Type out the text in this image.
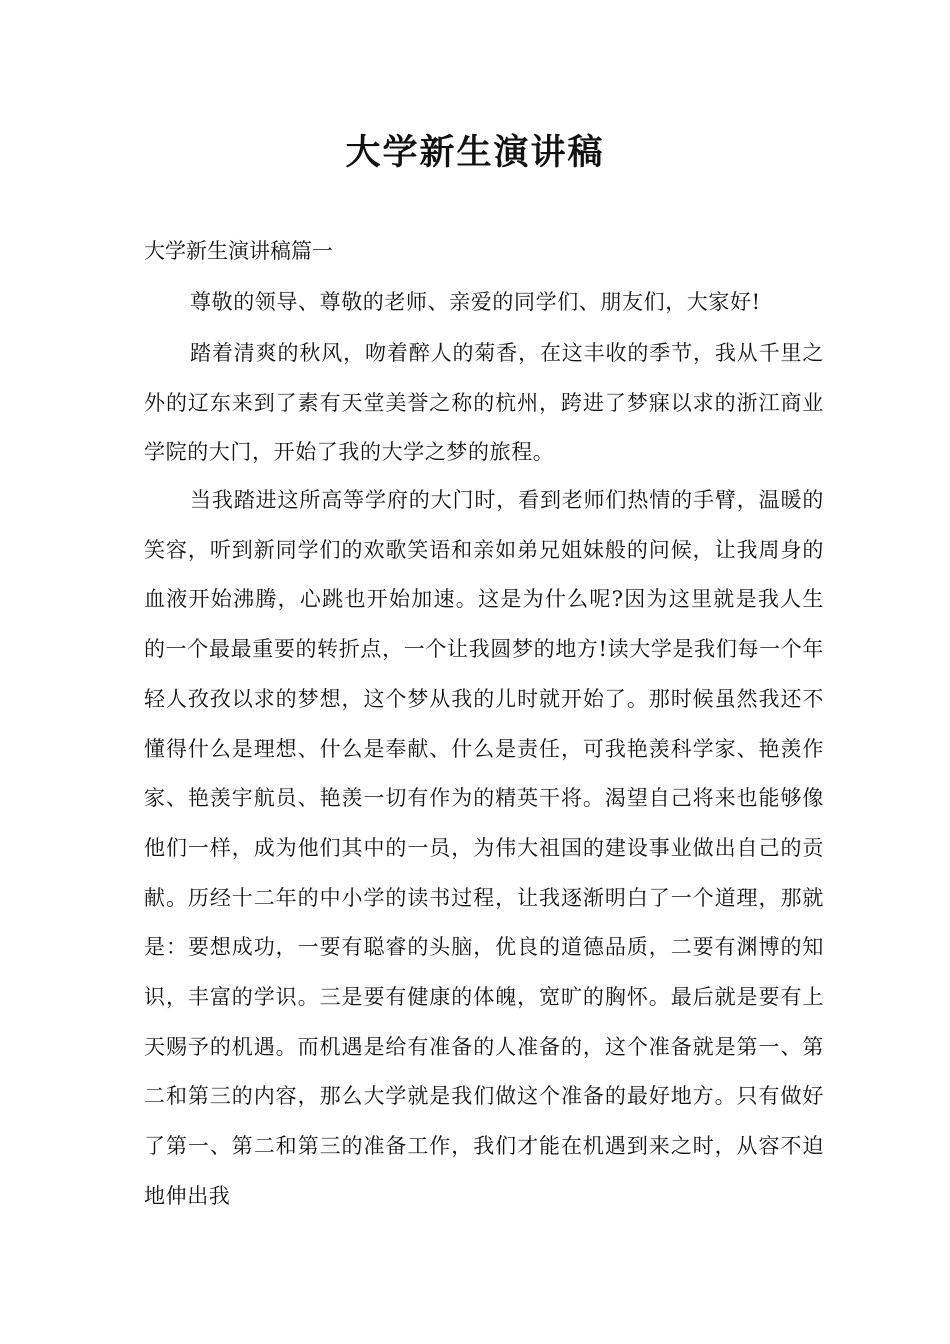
大学新生演讲稿

大学新生演讲稿篇一

尊敬的领导、尊敬的老师、亲爱的同学们、朋友们，大家好!

踏着清爽的秋风，吻着醉人的菊香，在这丰收的季节，我从千里之外的辽东来到了素有天堂美誉之称的杭州，跨进了梦寐以求的浙江商业学院的大门，开始了我的大学之梦的旅程。

当我踏进这所高等学府的大门时，看到老师们热情的手臂，温暖的笑容，听到新同学们的欢歌笑语和亲如弟兄姐妹般的问候，让我周身的血液开始沸腾，心跳也开始加速。这是为什么呢?因为这里就是我人生的一个最最重要的转折点，一个让我圆梦的地方!读大学是我们每一个年轻人孜孜以求的梦想，这个梦从我的儿时就开始了。那时候虽然我还不懂得什么是理想、什么是奉献、什么是责任，可我艳羡科学家、艳羡作家、艳羡宇航员、艳羡一切有作为的精英干将。渴望自己将来也能够像他们一样，成为他们其中的一员，为伟大祖国的建设事业做出自己的贡献。历经十二年的中小学的读书过程，让我逐渐明白了一个道理，那就是：要想成功，一要有聪睿的头脑，优良的道德品质，二要有渊博的知识，丰富的学识。三是要有健康的体魄，宽旷的胸怀。最后就是要有上天赐予的机遇。而机遇是给有准备的人准备的，这个准备就是第一、第二和第三的内容，那么大学就是我们做这个准备的最好地方。只有做好了第一、第二和第三的准备工作，我们才能在机遇到来之时，从容不迫地伸出我
